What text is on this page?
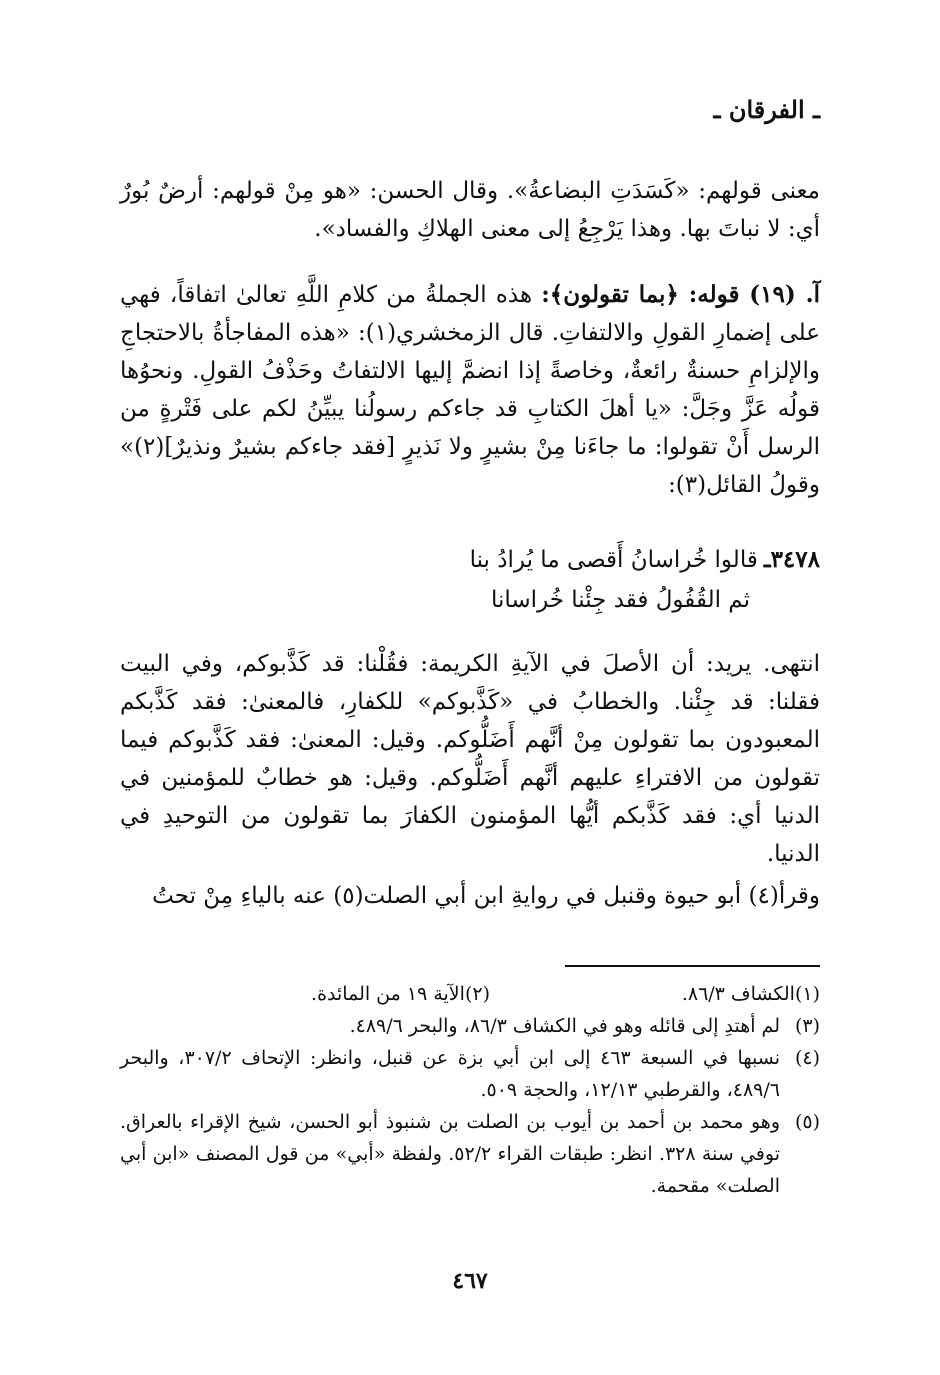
ـ الفرقان ـ
معنى قولهم: «كَسَدَتِ البضاعةُ». وقال الحسن: «هو مِنْ قولهم: أرضٌ بُورٌ أي: لا نباتَ بها. وهذا يَرْجِعُ إلى معنى الهلاكِ والفساد».
آ. (١٩) قوله: ﴿بما تقولون﴾: هذه الجملةُ من كلامِ اللَّهِ تعالىٰ اتفاقاً، فهي على إضمارِ القولِ والالتفاتِ. قال الزمخشري(١): «هذه المفاجأةُ بالاحتجاجِ والإلزامِ حسنةٌ رائعةٌ، وخاصةً إذا انضمَّ إليها الالتفاتُ وحَذْفُ القولِ. ونحوُها قولُه عَزَّ وجَلَّ: «يا أهلَ الكتابِ قد جاءكم رسولُنا يبيِّنُ لكم على فَتْرةٍ من الرسل أَنْ تقولوا: ما جاءَنا مِنْ بشيرٍ ولا نَذيرٍ [فقد جاءكم بشيرٌ ونذيرٌ](٢)» وقولُ القائل(٣):
٣٤٧٨ـ
قالوا خُراسانُ أَقصى ما يُرادُ بنا
ثم القُفُولُ فقد جِئْنا خُراسانا
انتهى. يريد: أن الأصلَ في الآيةِ الكريمة: فقُلْنا: قد كَذَّبوكم، وفي البيت فقلنا: قد جِئْنا. والخطابُ في «كَذَّبوكم» للكفارِ، فالمعنىٰ: فقد كَذَّبكم المعبودون بما تقولون مِنْ أنَّهم أَضَلُّوكم. وقيل: المعنىٰ: فقد كَذَّبوكم فيما تقولون من الافتراءِ عليهم أنَّهم أَضَلُّوكم. وقيل: هو خطابٌ للمؤمنين في الدنيا أي: فقد كَذَّبكم أيُّها المؤمنون الكفارَ بما تقولون من التوحيدِ في الدنيا.
وقرأ(٤) أبو حيوة وقنبل في روايةِ ابن أبي الصلت(٥) عنه بالياءِ مِنْ تحتُ
(١)
الكشاف ٨٦/٣.
(٢)
الآية ١٩ من المائدة.
(٣)
لم أهتدِ إلى قائله وهو في الكشاف ٨٦/٣، والبحر ٤٨٩/٦.
(٤)
نسبها في السبعة ٤٦٣ إلى ابن أبي بزة عن قنبل، وانظر: الإتحاف ٣٠٧/٢، والبحر ٤٨٩/٦، والقرطبي ١٢/١٣، والحجة ٥٠٩.
(٥)
وهو محمد بن أحمد بن أيوب بن الصلت بن شنبوذ أبو الحسن، شيخ الإقراء بالعراق. توفي سنة ٣٢٨. انظر: طبقات القراء ٥٢/٢. ولفظة «أبي» من قول المصنف «ابن أبي الصلت» مقحمة.
٤٦٧
